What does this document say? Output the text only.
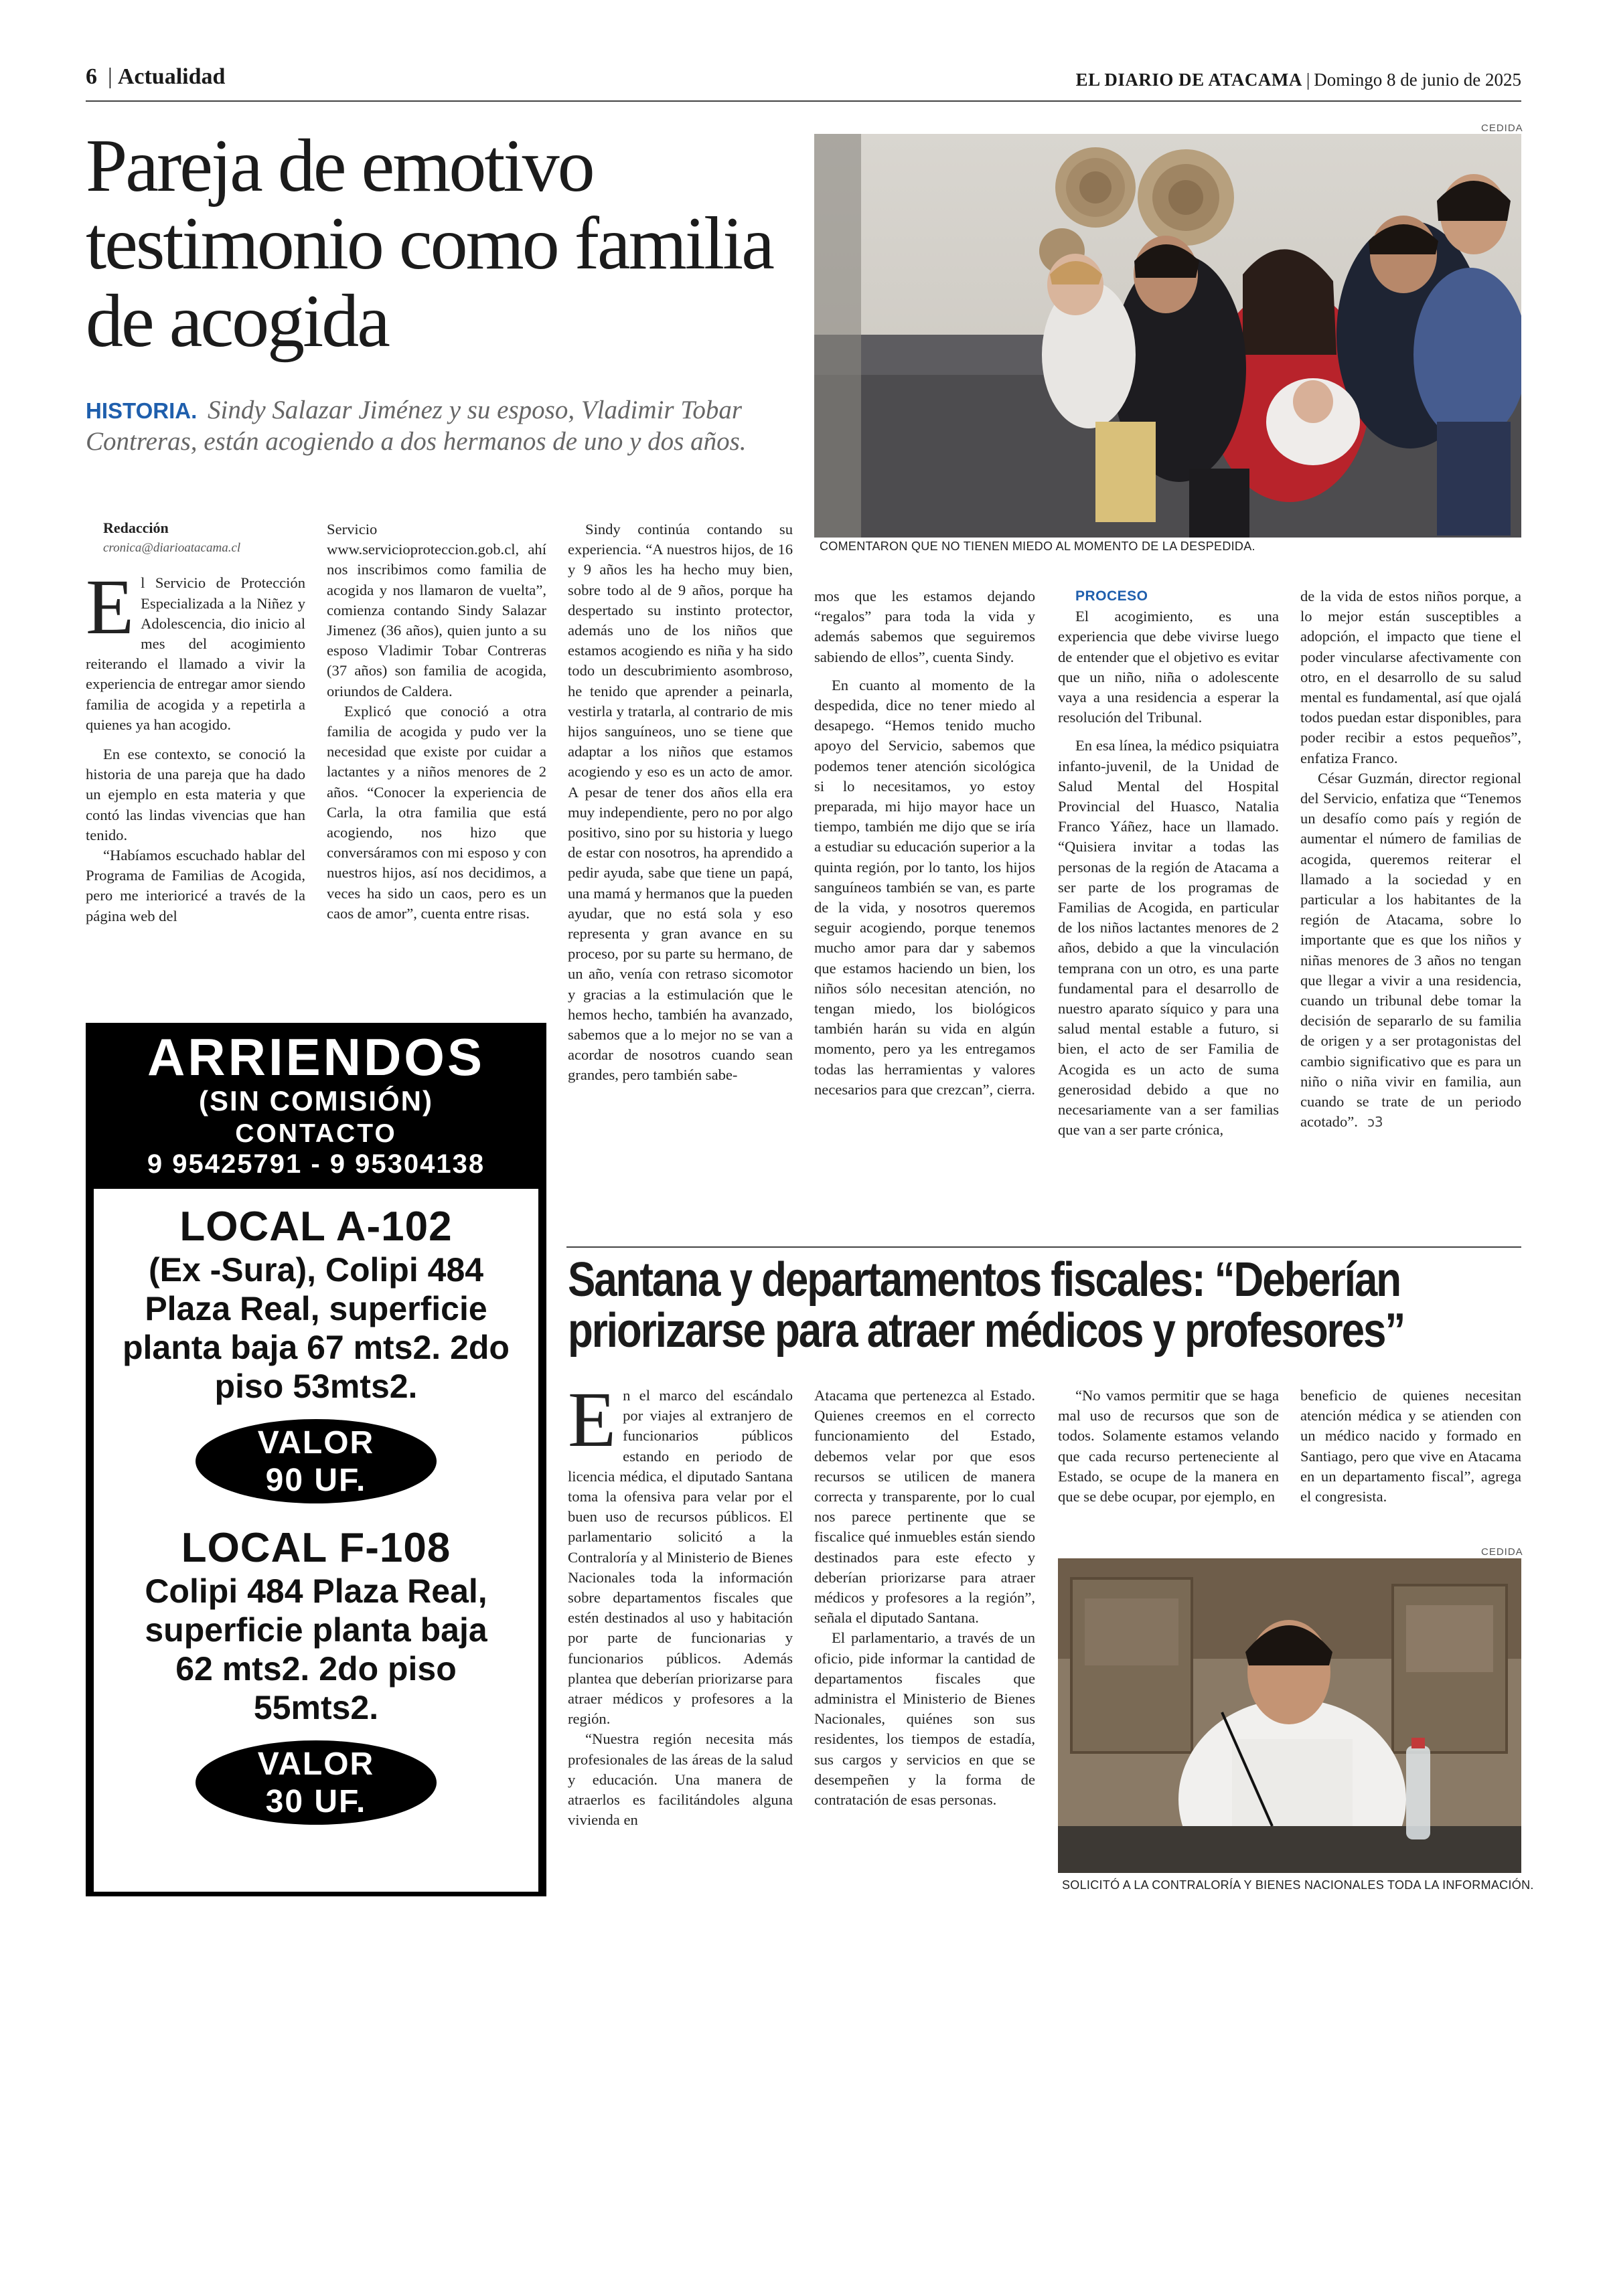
6 | Actualidad	EL DIARIO DE ATACAMA | Domingo 8 de junio de 2025
Pareja de emotivo testimonio como familia de acogida
HISTORIA. Sindy Salazar Jiménez y su esposo, Vladimir Tobar Contreras, están acogiendo a dos hermanos de uno y dos años.
CEDIDA
COMENTARON QUE NO TIENEN MIEDO AL MOMENTO DE LA DESPEDIDA.

Redacción

cronica@diarioatacama.cl

El Servicio de Protección Especializada a la Niñez y Adolescencia, dio inicio al mes del acogimiento reiterando el llamado a vivir la experiencia de entregar amor siendo familia de acogida y a repetirla a quienes ya han acogido.

En ese contexto, se conoció la historia de una pareja que ha dado un ejemplo en esta materia y que contó las lindas vivencias que han tenido.

“Habíamos escuchado hablar del Programa de Familias de Acogida, pero me interioricé a través de la página web del

Servicio www.servicioproteccion.gob.cl, ahí nos inscribimos como familia de acogida y nos llamaron de vuelta”, comienza contando Sindy Salazar Jimenez (36 años), quien junto a su esposo Vladimir Tobar Contreras (37 años) son familia de acogida, oriundos de Caldera.

Explicó que conoció a otra familia de acogida y pudo ver la necesidad que existe por cuidar a lactantes y a niños menores de 2 años. “Conocer la experiencia de Carla, la otra familia que está acogiendo, nos hizo que conversáramos con mi esposo y con nuestros hijos, así nos decidimos, a veces ha sido un caos, pero es un caos de amor”, cuenta entre risas.

Sindy continúa contando su experiencia. “A nuestros hijos, de 16 y 9 años les ha hecho muy bien, sobre todo al de 9 años, porque ha despertado su instinto protector, además uno de los niños que estamos acogiendo es niña y ha sido todo un descubrimiento asombroso, he tenido que aprender a peinarla, vestirla y tratarla, al contrario de mis hijos sanguíneos, uno se tiene que adaptar a los niños que estamos acogiendo y eso es un acto de amor. A pesar de tener dos años ella era muy independiente, pero no por algo positivo, sino por su historia y luego de estar con nosotros, ha aprendido a pedir ayuda, sabe que tiene un papá, una mamá y hermanos que la pueden ayudar, que no está sola y eso representa y gran avance en su proceso, por su parte su hermano, de un año, venía con retraso sicomotor y gracias a la estimulación que le hemos hecho, también ha avanzado, sabemos que a lo mejor no se van a acordar de nosotros cuando sean grandes, pero también sabe-

mos que les estamos dejando “regalos” para toda la vida y además sabemos que seguiremos sabiendo de ellos”, cuenta Sindy.

En cuanto al momento de la despedida, dice no tener miedo al desapego. “Hemos tenido mucho apoyo del Servicio, sabemos que podemos tener atención sicológica si lo necesitamos, yo estoy preparada, mi hijo mayor hace un tiempo, también me dijo que se iría a estudiar su educación superior a la quinta región, por lo tanto, los hijos sanguíneos también se van, es parte de la vida, y nosotros queremos seguir acogiendo, porque tenemos mucho amor para dar y sabemos que estamos haciendo un bien, los niños sólo necesitan atención, no tengan miedo, los biológicos también harán su vida en algún momento, pero ya les entregamos todas las herramientas y valores necesarios para que crezcan”, cierra.

PROCESO

El acogimiento, es una experiencia que debe vivirse luego de entender que el objetivo es evitar que un niño, niña o adolescente vaya a una residencia a esperar la resolución del Tribunal.

En esa línea, la médico psiquiatra infanto-juvenil, de la Unidad de Salud Mental del Hospital Provincial del Huasco, Natalia Franco Yáñez, hace un llamado. “Quisiera invitar a todas las personas de la región de Atacama a ser parte de los programas de Familias de Acogida, en particular de los niños lactantes menores de 2 años, debido a que la vinculación temprana con un otro, es una parte fundamental para el desarrollo de nuestro aparato síquico y para una salud mental estable a futuro, si bien, el acto de ser Familia de Acogida es un acto de suma generosidad debido a que no necesariamente van a ser familias que van a ser parte crónica,

de la vida de estos niños porque, a lo mejor están susceptibles a adopción, el impacto que tiene el poder vincularse afectivamente con otro, en el desarrollo de su salud mental es fundamental, así que ojalá todos puedan estar disponibles, para poder recibir a estos pequeños”, enfatiza Franco.

César Guzmán, director regional del Servicio, enfatiza que “Tenemos un desafío como país y región de aumentar el número de familias de acogida, queremos reiterar el llamado a la sociedad y en particular a los habitantes de la región de Atacama, sobre lo importante que es que los niños y niñas menores de 3 años no tengan que llegar a vivir a una residencia, cuando un tribunal debe tomar la decisión de separarlo de su familia de origen y a ser protagonistas del cambio significativo que es para un niño o niña vivir en familia, aun cuando se trate de un periodo acotado”. ↄ3

ARRIENDOS
(SIN COMISIÓN)
CONTACTO
9 95425791 - 9 95304138
LOCAL A-102
(Ex -Sura), Colipi 484 Plaza Real, superficie planta baja 67 mts2. 2do piso 53mts2.
VALOR
90 UF.
LOCAL F-108
Colipi 484 Plaza Real, superficie planta baja 62 mts2. 2do piso 55mts2.
VALOR
30 UF.
Santana y departamentos fiscales: “Deberían
priorizarse para atraer médicos y profesores”

En el marco del escándalo por viajes al extranjero de funcionarios públicos estando en periodo de licencia médica, el diputado Santana toma la ofensiva para velar por el buen uso de recursos públicos. El parlamentario solicitó a la Contraloría y al Ministerio de Bienes Nacionales toda la información sobre departamentos fiscales que estén destinados al uso y habitación por parte de funcionarias y funcionarios públicos. Además plantea que deberían priorizarse para atraer médicos y profesores a la región.

“Nuestra región necesita más profesionales de las áreas de la salud y educación. Una manera de atraerlos es facilitándoles alguna vivienda en

Atacama que pertenezca al Estado. Quienes creemos en el correcto funcionamiento del Estado, debemos velar por que esos recursos se utilicen de manera correcta y transparente, por lo cual nos parece pertinente que se fiscalice qué inmuebles están siendo destinados para este efecto y deberían priorizarse para atraer médicos y profesores a la región”, señala el diputado Santana.

El parlamentario, a través de un oficio, pide informar la cantidad de departamentos fiscales que administra el Ministerio de Bienes Nacionales, quiénes son sus residentes, los tiempos de estadía, sus cargos y servicios en que se desempeñen y la forma de contratación de esas personas.

“No vamos permitir que se haga mal uso de recursos que son de todos. Solamente estamos velando que cada recurso perteneciente al Estado, se ocupe de la manera en que se debe ocupar, por ejemplo, en

beneficio de quienes necesitan atención médica y se atienden con un médico nacido y formado en Santiago, pero que vive en Atacama en un departamento fiscal”, agrega el congresista.

CEDIDA
SOLICITÓ A LA CONTRALORÍA Y BIENES NACIONALES TODA LA INFORMACIÓN.
